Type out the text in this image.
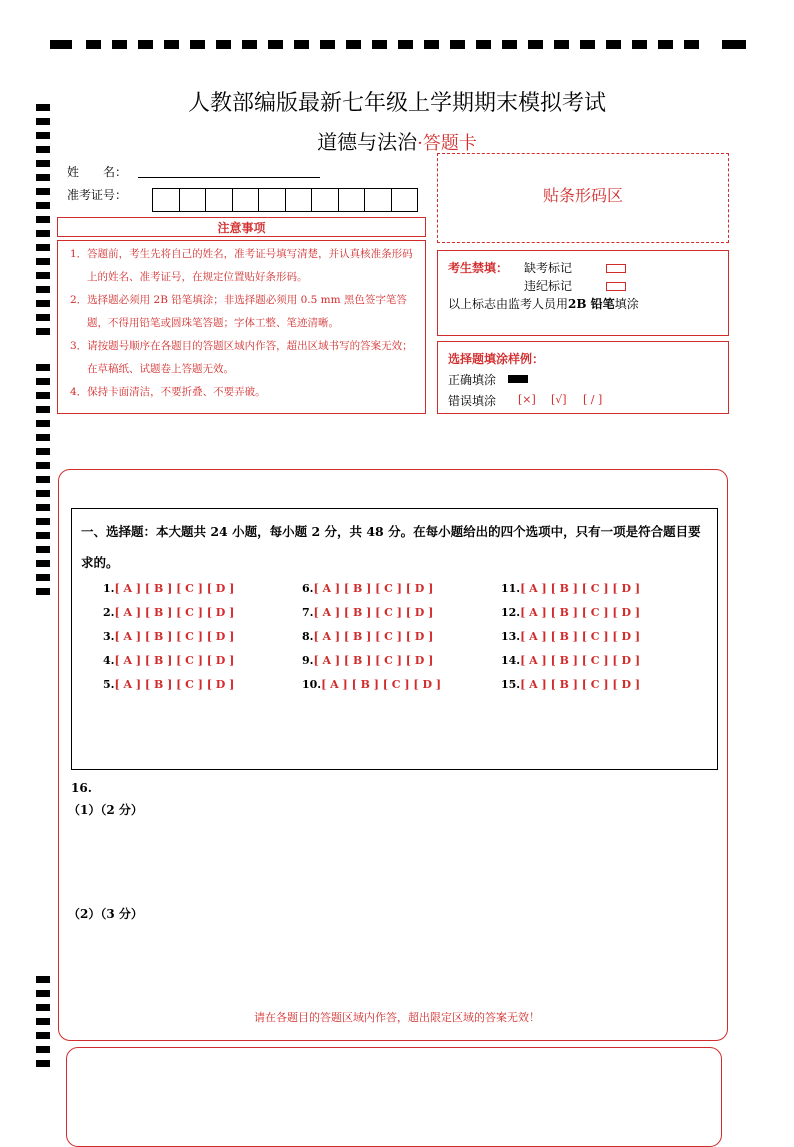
人教部编版最新七年级上学期期末模拟考试
道德与法治·答题卡
姓　　名：
准考证号：
注意事项

1．答题前，考生先将自己的姓名，准考证号填写清楚，并认真核准条形码上的姓名、准考证号，在规定位置贴好条形码。

2．选择题必须用 2B 铅笔填涂；非选择题必须用 0.5 mm 黑色签字笔答题，不得用铅笔或圆珠笔答题；字体工整、笔迹清晰。

3．请按题号顺序在各题目的答题区域内作答，超出区域书写的答案无效；在草稿纸、试题卷上答题无效。

4．保持卡面清洁，不要折叠、不要弄破。

贴条形码区
考生禁填： 缺考标记
违纪标记
以上标志由监考人员用2B 铅笔填涂
选择题填涂样例：
正确填涂
错误填涂 [×] [√] [ / ]
一、选择题：本大题共 24 小题，每小题 2 分，共 48 分。在每小题给出的四个选项中，只有一项是符合题目要求的。
1.[ A ] [ B ] [ C ] [ D ]
2.[ A ] [ B ] [ C ] [ D ]
3.[ A ] [ B ] [ C ] [ D ]
4.[ A ] [ B ] [ C ] [ D ]
5.[ A ] [ B ] [ C ] [ D ]
6.[ A ] [ B ] [ C ] [ D ]
7.[ A ] [ B ] [ C ] [ D ]
8.[ A ] [ B ] [ C ] [ D ]
9.[ A ] [ B ] [ C ] [ D ]
10.[ A ] [ B ] [ C ] [ D ]
11.[ A ] [ B ] [ C ] [ D ]
12.[ A ] [ B ] [ C ] [ D ]
13.[ A ] [ B ] [ C ] [ D ]
14.[ A ] [ B ] [ C ] [ D ]
15.[ A ] [ B ] [ C ] [ D ]
16.
（1）（2 分）
（2）（3 分）
请在各题目的答题区域内作答，超出限定区域的答案无效！
